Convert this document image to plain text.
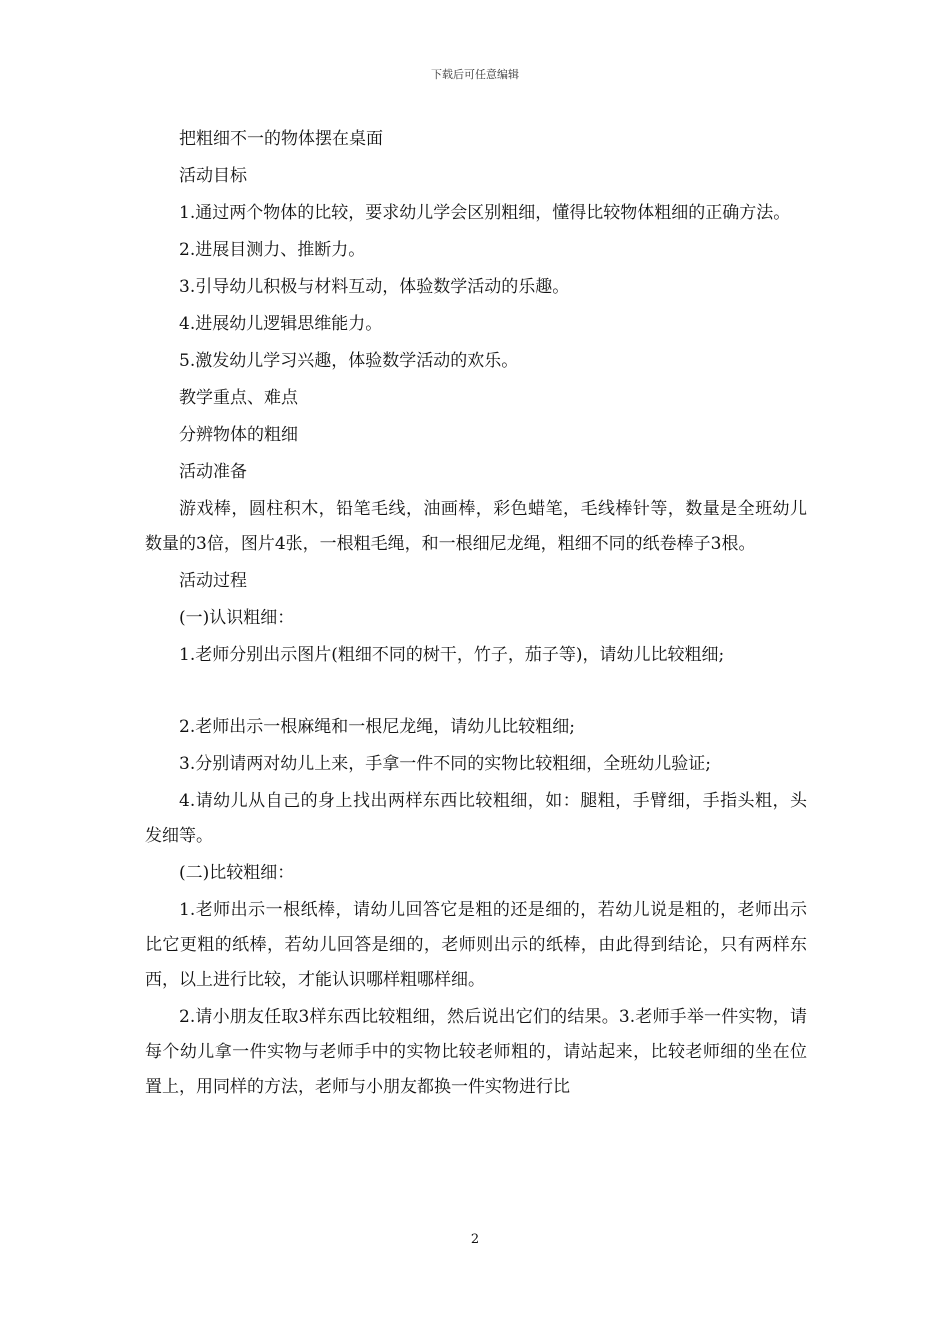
下载后可任意编辑

把粗细不一的物体摆在桌面

活动目标

1.通过两个物体的比较，要求幼儿学会区别粗细，懂得比较物体粗细的正确方法。

2.进展目测力、推断力。

3.引导幼儿积极与材料互动，体验数学活动的乐趣。

4.进展幼儿逻辑思维能力。

5.激发幼儿学习兴趣，体验数学活动的欢乐。

教学重点、难点

分辨物体的粗细

活动准备

游戏棒，圆柱积木，铅笔毛线，油画棒，彩色蜡笔，毛线棒针等，数量是全班幼儿数量的3倍，图片4张，一根粗毛绳，和一根细尼龙绳，粗细不同的纸卷棒子3根。

活动过程

(一)认识粗细：

1.老师分别出示图片(粗细不同的树干，竹子，茄子等)，请幼儿比较粗细;

2.老师出示一根麻绳和一根尼龙绳，请幼儿比较粗细;

3.分别请两对幼儿上来，手拿一件不同的实物比较粗细，全班幼儿验证;

4.请幼儿从自己的身上找出两样东西比较粗细，如：腿粗，手臂细，手指头粗，头发细等。

(二)比较粗细：

1.老师出示一根纸棒，请幼儿回答它是粗的还是细的，若幼儿说是粗的，老师出示比它更粗的纸棒，若幼儿回答是细的，老师则出示的纸棒，由此得到结论，只有两样东西，以上进行比较，才能认识哪样粗哪样细。

2.请小朋友任取3样东西比较粗细，然后说出它们的结果。3.老师手举一件实物，请每个幼儿拿一件实物与老师手中的实物比较老师粗的，请站起来，比较老师细的坐在位置上，用同样的方法，老师与小朋友都换一件实物进行比

2
